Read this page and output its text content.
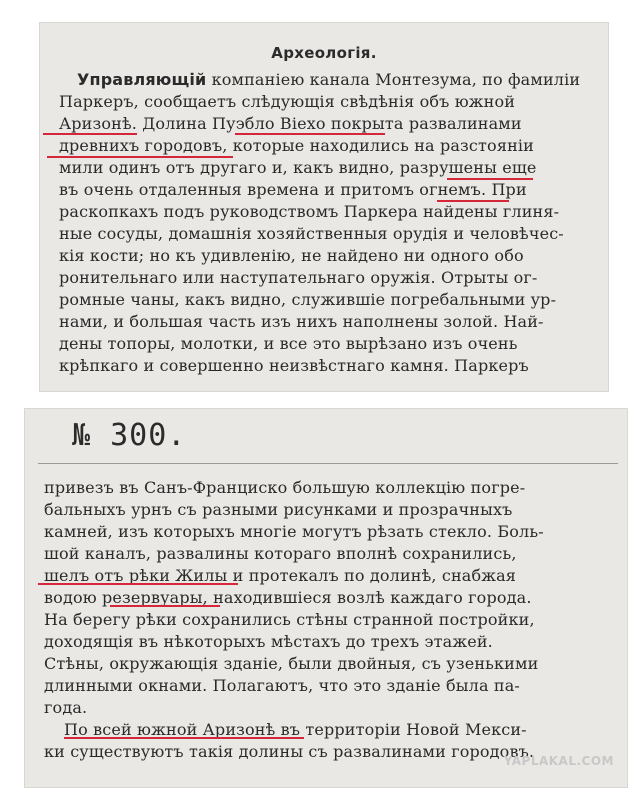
Археологія.
Управляющій компаніею канала Монтезума, по фамиліи
Паркеръ, сообщаетъ слѣдующія свѣдѣнія объ южной
Аризонѣ. Долина Пуэбло Віехо покрыта развалинами
древнихъ городовъ, которые находились на разстояніи
мили одинъ отъ другаго и, какъ видно, разрушены еще
въ очень отдаленныя времена и притомъ огнемъ. При
раскопкахъ подъ руководствомъ Паркера найдены глиня-
ные сосуды, домашнія хозяйственныя орудія и человѣчес-
кія кости; но къ удивленію, не найдено ни одного обо
ронительнаго или наступательнаго оружія. Отрыты ог-
ромные чаны, какъ видно, служившіе погребальными ур-
нами, и большая часть изъ нихъ наполнены золой. Най-
дены топоры, молотки, и все это вырѣзано изъ очень
крѣпкаго и совершенно неизвѣстнаго камня. Паркеръ
№ 300.
привезъ въ Санъ-Франциско большую коллекцію погре-
бальныхъ урнъ съ разными рисунками и прозрачныхъ
камней, изъ которыхъ многіе могутъ рѣзать стекло. Боль-
шой каналъ, развалины котораго вполнѣ сохранились,
шелъ отъ рѣки Жилы и протекалъ по долинѣ, снабжая
водою резервуары, находившіеся возлѣ каждаго города.
На берегу рѣки сохранились стѣны странной постройки,
доходящія въ нѣкоторыхъ мѣстахъ до трехъ этажей.
Стѣны, окружающія зданіе, были двойныя, съ узенькими
длинными окнами. Полагаютъ, что это зданіе была па-
года.
По всей южной Аризонѣ въ территоріи Новой Мекси-
ки существуютъ такія долины съ развалинами городовъ.
YAPLAKAL.COM
